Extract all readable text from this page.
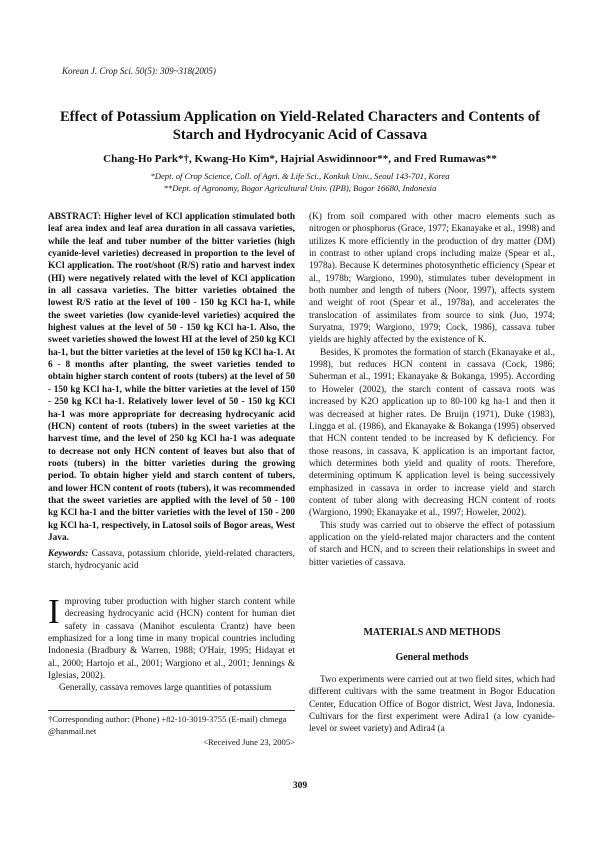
Korean J. Crop Sci. 50(5): 309~318(2005)
Effect of Potassium Application on Yield-Related Characters and Contents of Starch and Hydrocyanic Acid of Cassava
Chang-Ho Park*†, Kwang-Ho Kim*, Hajrial Aswidinnoor**, and Fred Rumawas**
*Dept. of Crop Science, Coll. of Agri. & Life Sci., Konkuk Univ., Seoul 143-701, Korea
**Dept. of Agronomy, Bogor Agricultural Univ. (IPB), Bogor 16680, Indonesia

ABSTRACT: Higher level of KCl application stimulated both leaf area index and leaf area duration in all cassava varieties, while the leaf and tuber number of the bitter varieties (high cyanide-level varieties) decreased in proportion to the level of KCl application. The root/shoot (R/S) ratio and harvest index (HI) were negatively related with the level of KCl application in all cassava varieties. The bitter varieties obtained the lowest R/S ratio at the level of 100 - 150 kg KCl ha-1, while the sweet varieties (low cyanide-level varieties) acquired the highest values at the level of 50 - 150 kg KCl ha-1. Also, the sweet varieties showed the lowest HI at the level of 250 kg KCl ha-1, but the bitter varieties at the level of 150 kg KCl ha-1. At 6 - 8 months after planting, the sweet varieties tended to obtain higher starch content of roots (tubers) at the level of 50 - 150 kg KCl ha-1, while the bitter varieties at the level of 150 - 250 kg KCl ha-1. Relatively lower level of 50 - 150 kg KCl ha-1 was more appropriate for decreasing hydrocyanic acid (HCN) content of roots (tubers) in the sweet varieties at the harvest time, and the level of 250 kg KCl ha-1 was adequate to decrease not only HCN content of leaves but also that of roots (tubers) in the bitter varieties during the growing period. To obtain higher yield and starch content of tubers, and lower HCN content of roots (tubers), it was recommended that the sweet varieties are applied with the level of 50 - 100 kg KCl ha-1 and the bitter varieties with the level of 150 - 200 kg KCl ha-1, respectively, in Latosol soils of Bogor areas, West Java.

Keywords: Cassava, potassium chloride, yield-related characters, starch, hydrocyanic acid

Improving tuber production with higher starch content while decreasing hydrocyanic acid (HCN) content for human diet safety in cassava (Manihot esculenta Crantz) have been emphasized for a long time in many tropical countries including Indonesia (Bradbury & Warren, 1988; O'Hair, 1995; Hidayat et al., 2000; Hartojo et al., 2001; Wargiono et al., 2001; Jennings & Iglesias, 2002).

Generally, cassava removes large quantities of potassium

†Corresponding author: (Phone) +82-10-3019-3755 (E-mail) chmega @hanmail.net
<Received June 23, 2005>

(K) from soil compared with other macro elements such as nitrogen or phosphorus (Grace, 1977; Ekanayake et al., 1998) and utilizes K more efficiently in the production of dry matter (DM) in contrast to other upland crops including maize (Spear et al., 1978a). Because K determines photosynthetic efficiency (Spear et al., 1978b; Wargiono, 1990), stimulates tuber development in both number and length of tubers (Noor, 1997), affects system and weight of root (Spear et al., 1978a), and accelerates the translocation of assimilates from source to sink (Juo, 1974; Suryatna, 1979; Wargiono, 1979; Cock, 1986), cassava tuber yields are highly affected by the existence of K.

Besides, K promotes the formation of starch (Ekanayake et al., 1998), but reduces HCN content in cassava (Cock, 1986; Suherman et al., 1991; Ekanayake & Bokanga, 1995). According to Howeler (2002), the starch content of cassava roots was increased by K2O application up to 80-100 kg ha-1 and then it was decreased at higher rates. De Bruijn (1971), Duke (1983), Lingga et al. (1986), and Ekanayake & Bokanga (1995) observed that HCN content tended to be increased by K deficiency. For those reasons, in cassava, K application is an important factor, which determines both yield and quality of roots. Therefore, determining optimum K application level is being successively emphasized in cassava in order to increase yield and starch content of tuber along with decreasing HCN content of roots (Wargiono, 1990; Ekanayake et al., 1997; Howeler, 2002).

This study was carried out to observe the effect of potassium application on the yield-related major characters and the content of starch and HCN, and to screen their relationships in sweet and bitter varieties of cassava.

MATERIALS AND METHODS
General methods

Two experiments were carried out at two field sites, which had different cultivars with the same treatment in Bogor Education Center, Education Office of Bogor district, West Java, Indonesia. Cultivars for the first experiment were Adira1 (a low cyanide-level or sweet variety) and Adira4 (a

309
